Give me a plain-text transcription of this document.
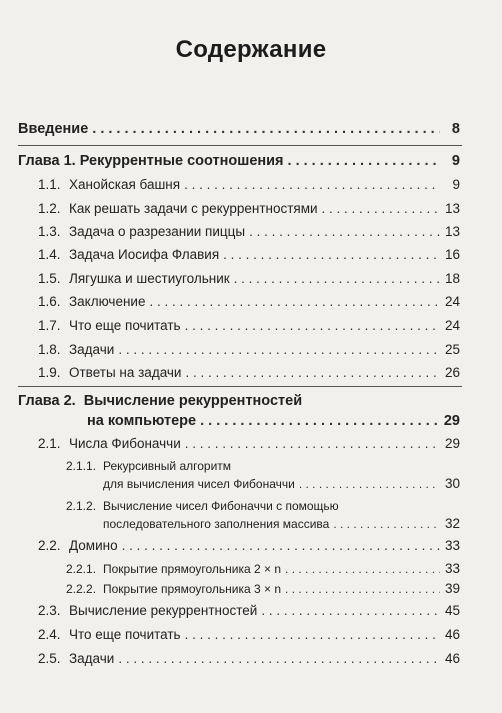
Содержание
Введение . . .	8
Глава 1.
Рекуррентные соотношения . . .	9
1.1. Ханойская башня . . .	9
1.2. Как решать задачи с рекуррентностями . . .	13
1.3. Задача о разрезании пиццы . . .	13
1.4. Задача Иосифа Флавия . . .	16
1.5. Лягушка и шестиугольник . . .	18
1.6. Заключение . . .	24
1.7. Что еще почитать . . .	24
1.8. Задачи . . .	25
1.9. Ответы на задачи . . .	26
Глава 2. Вычисление рекуррентностей
на компьютере . . .	29
2.1. Числа Фибоначчи . . .	29
2.1.1. Рекурсивный алгоритм
для вычисления чисел Фибоначчи . . .	30
2.1.2. Вычисление чисел Фибоначчи с помощью
последовательного заполнения массива . . .	32
2.2. Домино . . .	33
2.2.1. Покрытие прямоугольника 2 × n . . .	33
2.2.2. Покрытие прямоугольника 3 × n . . .	39
2.3. Вычисление рекуррентностей . . .	45
2.4. Что еще почитать . . .	46
2.5. Задачи . . .	46
